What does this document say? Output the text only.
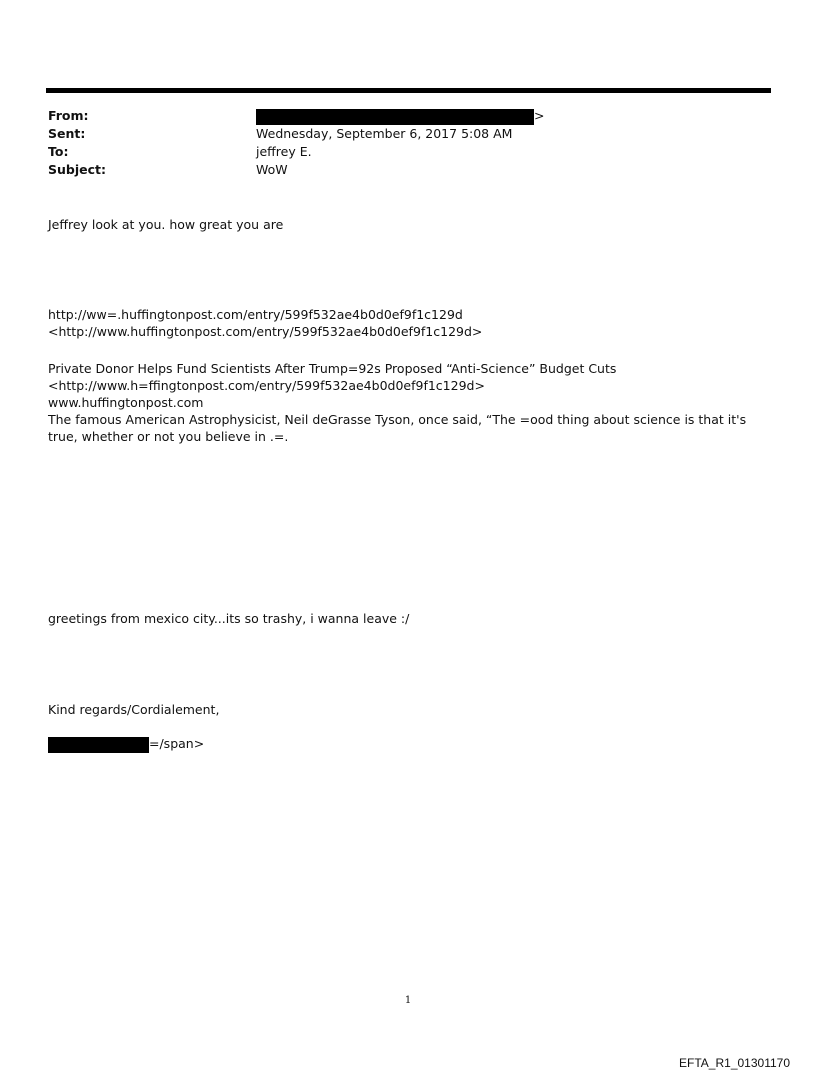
From:	>
Sent:	Wednesday, September 6, 2017 5:08 AM
To:	jeffrey E.
Subject:	WoW
Jeffrey look at you. how great you are
http://ww=.huffingtonpost.com/entry/599f532ae4b0d0ef9f1c129d
<http://www.huffingtonpost.com/entry/599f532ae4b0d0ef9f1c129d>
Private Donor Helps Fund Scientists After Trump=92s Proposed “Anti-Science” Budget Cuts
<http://www.h=ffingtonpost.com/entry/599f532ae4b0d0ef9f1c129d>
www.huffingtonpost.com
The famous American Astrophysicist, Neil deGrasse Tyson, once said, “The =ood thing about science is that it's true, whether or not you believe in .=.
greetings from mexico city...its so trashy, i wanna leave :/
Kind regards/Cordialement,
=/span>
1
EFTA_R1_01301170
